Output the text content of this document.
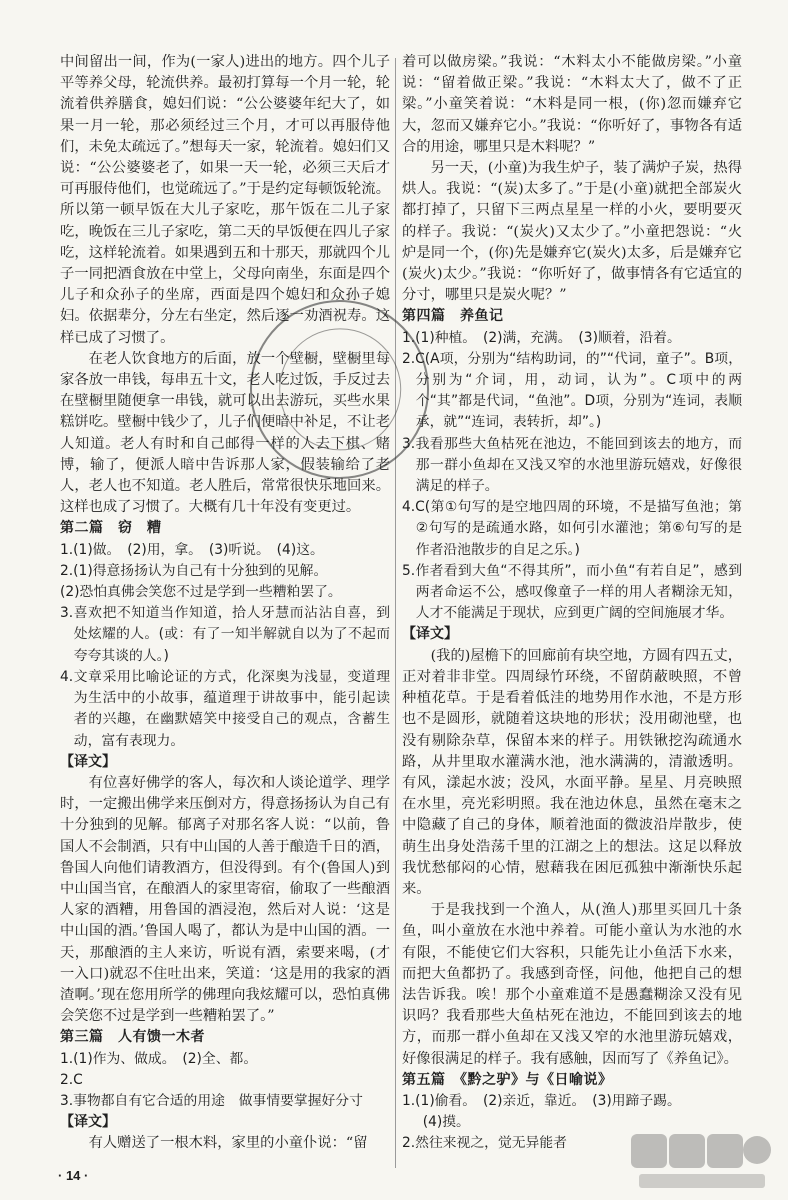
中间留出一间，作为(一家人)进出的地方。四个儿子平等养父母，轮流供养。最初打算每一个月一轮，轮流着供养膳食，媳妇们说：“公公婆婆年纪大了，如果一月一轮，那必须经过三个月，才可以再服侍他们，未免太疏远了。”想每天一家，轮流着。媳妇们又说：“公公婆婆老了，如果一天一轮，必须三天后才可再服侍他们，也觉疏远了。”于是约定每顿饭轮流。所以第一顿早饭在大儿子家吃，那午饭在二儿子家吃，晚饭在三儿子家吃，第二天的早饭便在四儿子家吃，这样轮流着。如果遇到五和十那天，那就四个儿子一同把酒食放在中堂上，父母向南坐，东面是四个儿子和众孙子的坐席，西面是四个媳妇和众孙子媳妇。依据辈分，分左右坐定，然后逐一劝酒祝寿。这样已成了习惯了。

在老人饮食地方的后面，放一个壁橱，壁橱里每家各放一串钱，每串五十文，老人吃过饭，手反过去在壁橱里随便拿一串钱，就可以出去游玩，买些水果糕饼吃。壁橱中钱少了，儿子们便暗中补足，不让老人知道。老人有时和自己邮得一样的人去下棋、赌博，输了，便派人暗中告诉那人家，假装输给了老人，老人也不知道。老人胜后，常常很快乐地回来。这样也成了习惯了。大概有几十年没有变更过。

第二篇　窃　糟

1.(1)做。　(2)用，拿。　(3)听说。　(4)这。

2.(1)得意扬扬认为自己有十分独到的见解。

(2)恐怕真佛会笑您不过是学到一些糟粕罢了。

3.喜欢把不知道当作知道，拾人牙慧而沾沾自喜，到处炫耀的人。(或：有了一知半解就自以为了不起而夸夸其谈的人。)

4.文章采用比喻论证的方式，化深奥为浅显，变道理为生活中的小故事，蕴道理于讲故事中，能引起读者的兴趣，在幽默嬉笑中接受自己的观点，含蓄生动，富有表现力。

【译文】

有位喜好佛学的客人，每次和人谈论道学、理学时，一定搬出佛学来压倒对方，得意扬扬认为自己有十分独到的见解。郁离子对那名客人说：“以前，鲁国人不会制酒，只有中山国的人善于酿造千日的酒，鲁国人向他们请教酒方，但没得到。有个(鲁国人)到中山国当官，在酿酒人的家里寄宿，偷取了一些酿酒人家的酒糟，用鲁国的酒浸泡，然后对人说：‘这是中山国的酒。’鲁国人喝了，都认为是中山国的酒。一天，那酿酒的主人来访，听说有酒，索要来喝，(才一入口)就忍不住吐出来，笑道：‘这是用的我家的酒渣啊。’现在您用所学的佛理向我炫耀可以，恐怕真佛会笑您不过是学到一些糟粕罢了。”

第三篇　人有馈一木者

1.(1)作为、做成。　(2)全、都。

2.C

3.事物都自有它合适的用途　做事情要掌握好分寸

【译文】

有人赠送了一根木料，家里的小童仆说：“留

着可以做房梁。”我说：“木料太小不能做房梁。”小童说：“留着做正梁。”我说：“木料太大了，做不了正梁。”小童笑着说：“木料是同一根，(你)忽而嫌弃它大，忽而又嫌弃它小。”我说：“你听好了，事物各有适合的用途，哪里只是木料呢？”

另一天，(小童)为我生炉子，装了满炉子炭，热得烘人。我说：“(炭)太多了。”于是(小童)就把全部炭火都打掉了，只留下三两点星星一样的小火，要明要灭的样子。我说：“(炭火)又太少了。”小童把怨说：“火炉是同一个，(你)先是嫌弃它(炭火)太多，后是嫌弃它(炭火)太少。”我说：“你听好了，做事情各有它适宜的分寸，哪里只是炭火呢？”

第四篇　养鱼记

1.(1)种植。　(2)满，充满。　(3)顺着，沿着。

2.C(A项，分别为“结构助词，的”“代词，童子”。B项，分别为“介词，用，动词，认为”。C项中的两个“其”都是代词，“鱼池”。D项，分别为“连词，表顺承，就”“连词，表转折，却”。)

3.我看那些大鱼枯死在池边，不能回到该去的地方，而那一群小鱼却在又浅又窄的水池里游玩嬉戏，好像很满足的样子。

4.C(第①句写的是空地四周的环境，不是描写鱼池；第②句写的是疏通水路，如何引水灌池；第⑥句写的是作者沿池散步的自足之乐。)

5.作者看到大鱼“不得其所”，而小鱼“有若自足”，感到两者命运不公，感叹像童子一样的用人者糊涂无知，人才不能满足于现状，应到更广阔的空间施展才华。

【译文】

(我的)屋檐下的回廊前有块空地，方圆有四五丈，正对着非非堂。四周绿竹环绕，不留荫蔽映照，不曾种植花草。于是看着低洼的地势用作水池，不是方形也不是圆形，就随着这块地的形状；没用砌池壁，也没有剔除杂草，保留本来的样子。用铁锹挖沟疏通水路，从井里取水灌满水池，池水满满的，清澈透明。有风，漾起水波；没风，水面平静。星星、月亮映照在水里，亮光彩明照。我在池边休息，虽然在毫末之中隐藏了自己的身体，顺着池面的微波沿岸散步，使萌生出身处浩荡千里的江湖之上的想法。这足以释放我忧愁郁闷的心情，慰藉我在困厄孤独中渐渐快乐起来。

于是我找到一个渔人，从(渔人)那里买回几十条鱼，叫小童放在水池中养着。可能小童认为水池的水有限，不能使它们大容积，只能先让小鱼活下水来，而把大鱼都扔了。我感到奇怪，问他，他把自己的想法告诉我。唉！那个小童难道不是愚蠢糊涂又没有见识吗？我看那些大鱼枯死在池边，不能回到该去的地方，而那一群小鱼却在又浅又窄的水池里游玩嬉戏，好像很满足的样子。我有感触，因而写了《养鱼记》。

第五篇　《黔之驴》与《日喻说》

1.(1)偷看。　(2)亲近，靠近。　(3)用蹄子踢。

(4)摸。

2.然往来视之，觉无异能者

· 14 ·
